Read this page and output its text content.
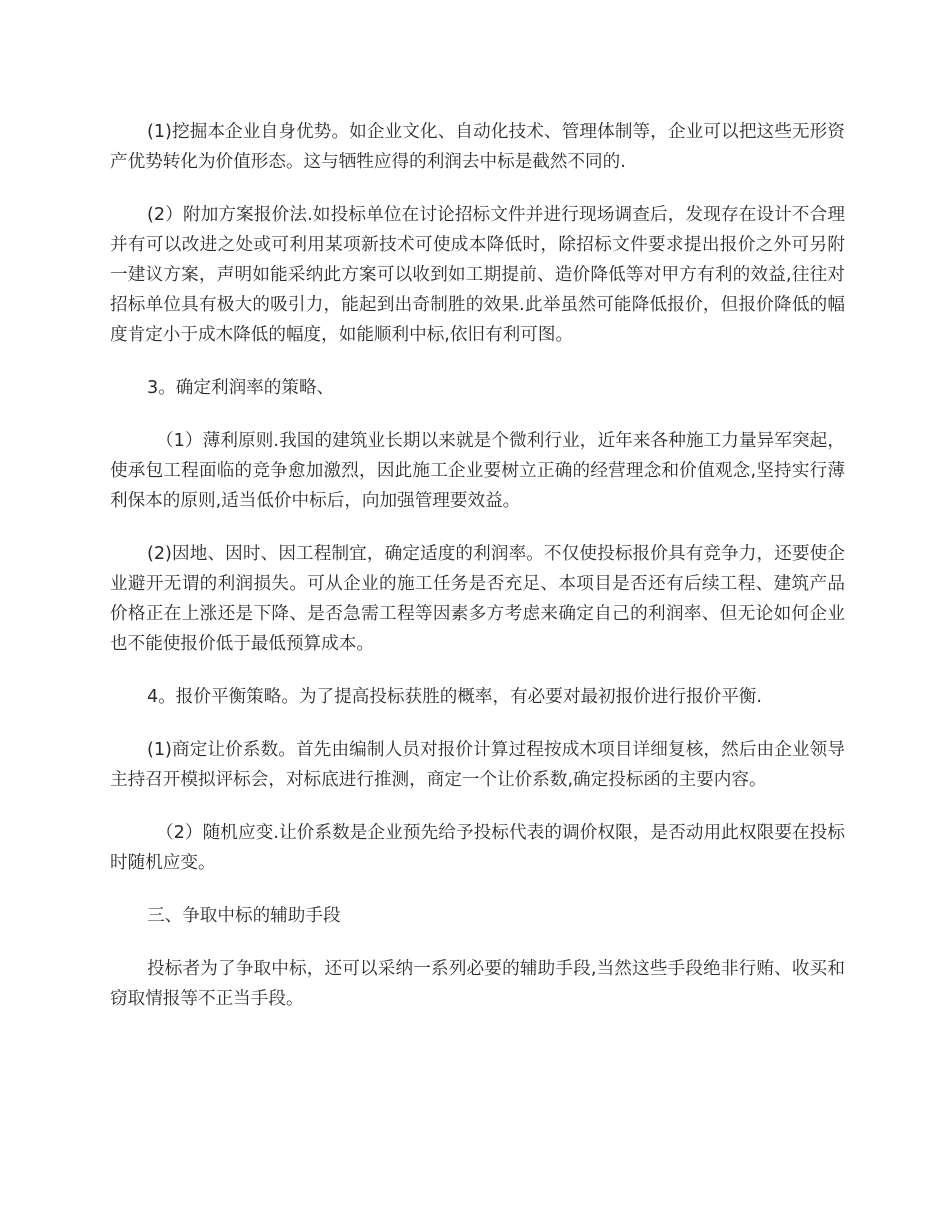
(1)挖掘本企业自身优势。如企业文化、自动化技术、管理体制等，企业可以把这些无形资产优势转化为价值形态。这与牺牲应得的利润去中标是截然不同的.

(2）附加方案报价法.如投标单位在讨论招标文件并进行现场调查后，发现存在设计不合理并有可以改进之处或可利用某项新技术可使成本降低时，除招标文件要求提出报价之外可另附一建议方案，声明如能采纳此方案可以收到如工期提前、造价降低等对甲方有利的效益,往往对招标单位具有极大的吸引力，能起到出奇制胜的效果.此举虽然可能降低报价，但报价降低的幅度肯定小于成木降低的幅度，如能顺利中标,依旧有利可图。

3。确定利润率的策略、

（1）薄利原则.我国的建筑业长期以来就是个微利行业，近年来各种施工力量异军突起，使承包工程面临的竞争愈加激烈，因此施工企业要树立正确的经营理念和价值观念,坚持实行薄利保本的原则,适当低价中标后，向加强管理要效益。

(2)因地、因时、因工程制宜，确定适度的利润率。不仅使投标报价具有竞争力，还要使企业避开无谓的利润损失。可从企业的施工任务是否充足、本项目是否还有后续工程、建筑产品价格正在上涨还是下降、是否急需工程等因素多方考虑来确定自己的利润率、但无论如何企业也不能使报价低于最低预算成本。

4。报价平衡策略。为了提高投标获胜的概率，有必要对最初报价进行报价平衡.

(1)商定让价系数。首先由编制人员对报价计算过程按成木项目详细复核，然后由企业领导主持召开模拟评标会，对标底进行推测，商定一个让价系数,确定投标函的主要内容。

（2）随机应变.让价系数是企业预先给予投标代表的调价权限，是否动用此权限要在投标时随机应变。

三、争取中标的辅助手段

投标者为了争取中标，还可以采纳一系列必要的辅助手段,当然这些手段绝非行贿、收买和窃取情报等不正当手段。
